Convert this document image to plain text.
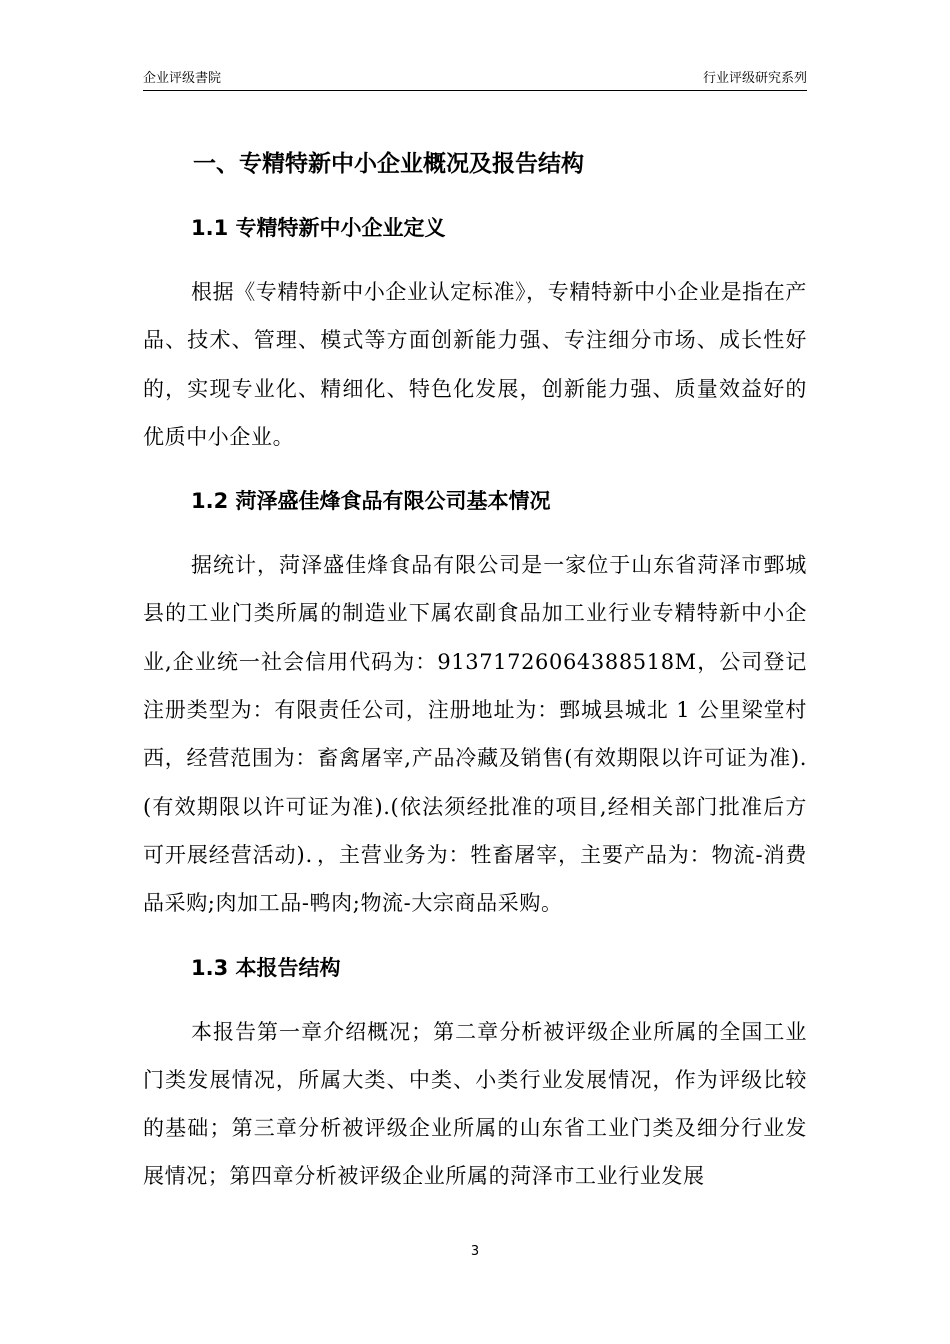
企业评级書院	行业评级研究系列
一、专精特新中小企业概况及报告结构
1.1 专精特新中小企业定义

根据《专精特新中小企业认定标准》，专精特新中小企业是指在产品、技术、管理、模式等方面创新能力强、专注细分市场、成长性好的，实现专业化、精细化、特色化发展，创新能力强、质量效益好的优质中小企业。

1.2 菏泽盛佳烽食品有限公司基本情况

据统计，菏泽盛佳烽食品有限公司是一家位于山东省菏泽市鄄城县的工业门类所属的制造业下属农副食品加工业行业专精特新中小企业,企业统一社会信用代码为：91371726064388518M，公司登记注册类型为：有限责任公司，注册地址为：鄄城县城北 1 公里梁堂村西，经营范围为：畜禽屠宰,产品冷藏及销售(有效期限以许可证为准).(有效期限以许可证为准).(依法须经批准的项目,经相关部门批准后方可开展经营活动)．，主营业务为：牲畜屠宰，主要产品为：物流-消费品采购;肉加工品-鸭肉;物流-大宗商品采购。

1.3 本报告结构

本报告第一章介绍概况；第二章分析被评级企业所属的全国工业门类发展情况，所属大类、中类、小类行业发展情况，作为评级比较的基础；第三章分析被评级企业所属的山东省工业门类及细分行业发展情况；第四章分析被评级企业所属的菏泽市工业行业发展

3
